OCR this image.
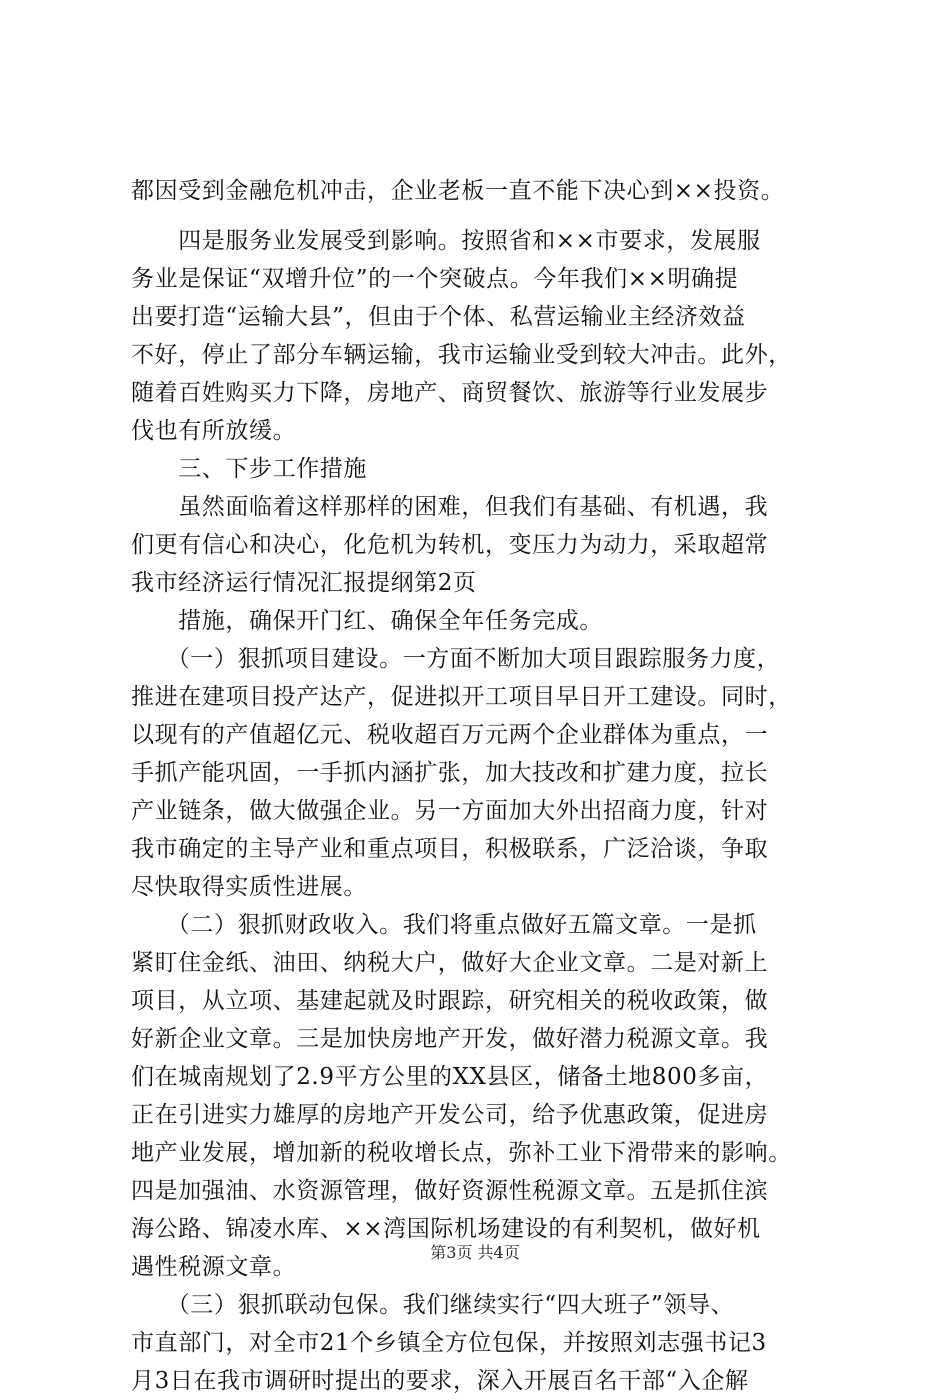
都因受到金融危机冲击，企业老板一直不能下决心到××投资。
　　四是服务业发展受到影响。按照省和××市要求，发展服
务业是保证“双增升位”的一个突破点。今年我们××明确提
出要打造“运输大县”，但由于个体、私营运输业主经济效益
不好，停止了部分车辆运输，我市运输业受到较大冲击。此外，
随着百姓购买力下降，房地产、商贸餐饮、旅游等行业发展步
伐也有所放缓。
　　三、下步工作措施
　　虽然面临着这样那样的困难，但我们有基础、有机遇，我
们更有信心和决心，化危机为转机，变压力为动力，采取超常
我市经济运行情况汇报提纲第2页
　　措施，确保开门红、确保全年任务完成。
　　（一）狠抓项目建设。一方面不断加大项目跟踪服务力度，
推进在建项目投产达产，促进拟开工项目早日开工建设。同时，
以现有的产值超亿元、税收超百万元两个企业群体为重点，一
手抓产能巩固，一手抓内涵扩张，加大技改和扩建力度，拉长
产业链条，做大做强企业。另一方面加大外出招商力度，针对
我市确定的主导产业和重点项目，积极联系，广泛洽谈，争取
尽快取得实质性进展。
　　（二）狠抓财政收入。我们将重点做好五篇文章。一是抓
紧盯住金纸、油田、纳税大户，做好大企业文章。二是对新上
项目，从立项、基建起就及时跟踪，研究相关的税收政策，做
好新企业文章。三是加快房地产开发，做好潜力税源文章。我
们在城南规划了2.9平方公里的XX县区，储备土地800多亩，
正在引进实力雄厚的房地产开发公司，给予优惠政策，促进房
地产业发展，增加新的税收增长点，弥补工业下滑带来的影响。
四是加强油、水资源管理，做好资源性税源文章。五是抓住滨
海公路、锦凌水库、××湾国际机场建设的有利契机，做好机
遇性税源文章。
　　（三）狠抓联动包保。我们继续实行“四大班子”领导、
市直部门，对全市21个乡镇全方位包保，并按照刘志强书记3
月3日在我市调研时提出的要求，深入开展百名干部“入企解
第3页 共4页
